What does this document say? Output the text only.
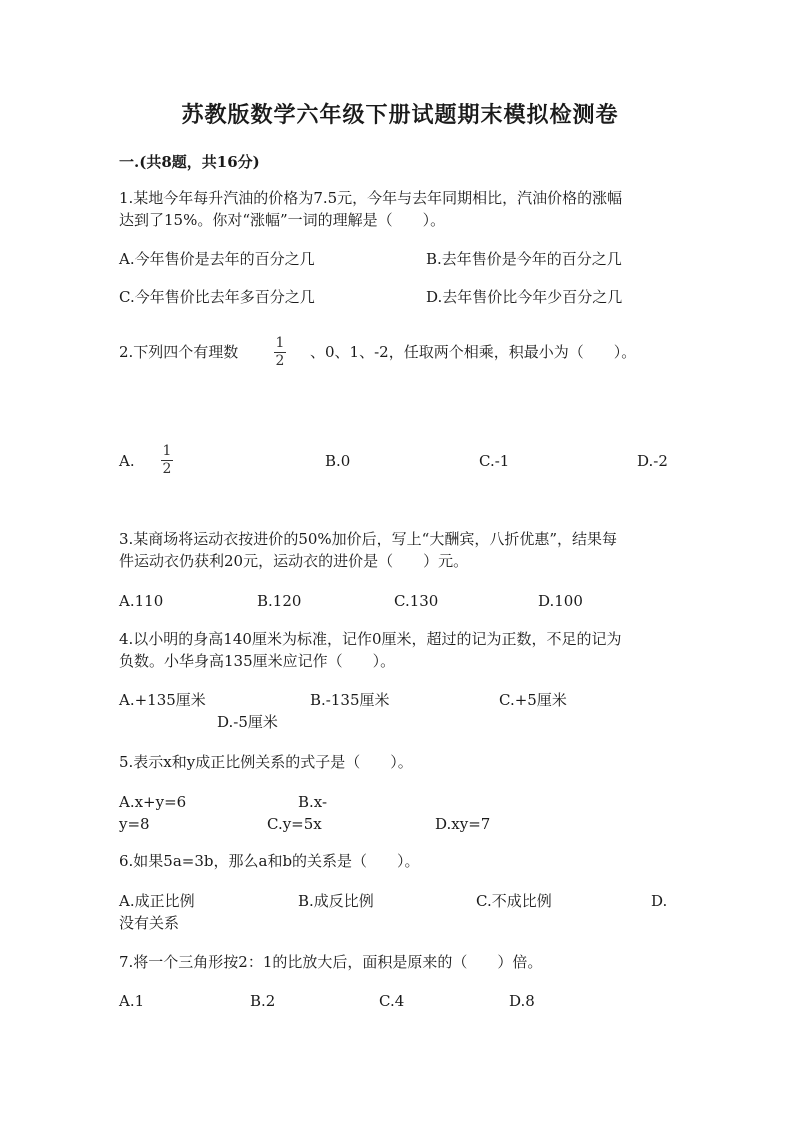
苏教版数学六年级下册试题期末模拟检测卷
一.(共8题，共16分)
1.某地今年每升汽油的价格为7.5元，今年与去年同期相比，汽油价格的涨幅
达到了15%。你对“涨幅”一词的理解是（　　）。
A.今年售价是去年的百分之几	B.去年售价是今年的百分之几
C.今年售价比去年多百分之几	D.去年售价比今年少百分之几
2.下列四个有理数	1
2 、0、1、-2，任取两个相乘，积最小为（　　）。
A.
1
2	B.0	C.-1	D.-2
3.某商场将运动衣按进价的50%加价后，写上“大酬宾，八折优惠”，结果每
件运动衣仍获利20元，运动衣的进价是（　　）元。
A.110	B.120	C.130	D.100
4.以小明的身高140厘米为标准，记作0厘米，超过的记为正数，不足的记为
负数。小华身高135厘米应记作（　　）。
A.+135厘米	B.-135厘米	C.+5厘米
D.-5厘米
5.表示x和y成正比例关系的式子是（　　）。
A.x+y=6	B.x-
y=8	C.y=5x	D.xy=7
6.如果5a=3b，那么a和b的关系是（　　）。
A.成正比例	B.成反比例	C.不成比例	D.
没有关系
7.将一个三角形按2：1的比放大后，面积是原来的（　　）倍。
A.1	B.2	C.4	D.8
